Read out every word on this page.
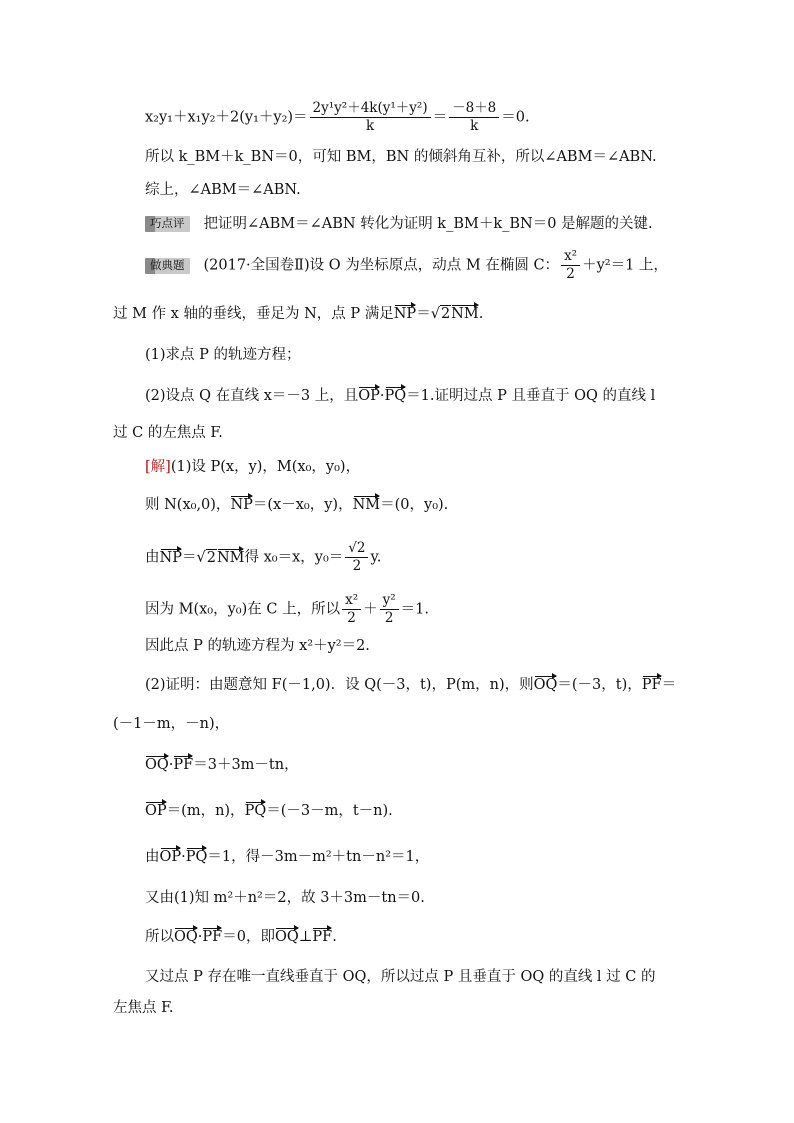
$x_2y_1+x_1y_2+2(y_1+y_2)= \frac{\text{2y¹y²＋4k(y¹＋y²)}}{k} = \frac{-8+8}{k} =0$.
所以 k_BM＋k_BN＝0，可知 BM，BN 的倾斜角互补，所以∠ABM＝∠ABN.
综上，∠ABM＝∠ABN.
巧点评 把证明∠ABM＝∠ABN 转化为证明 k_BM＋k_BN＝0 是解题的关键.
做典题 (2017·全国卷Ⅱ)设 O 为坐标原点，动点 M 在椭圆 C： $\frac{\text{x²}}{2} +y^2=1$ 上，
过 M 作 x 轴的垂线，垂足为 N，点 P 满足NP＝√2NM.
(1)求点 P 的轨迹方程；
(2)设点 Q 在直线 x＝－3 上，且OP·PQ＝1.证明过点 P 且垂直于 OQ 的直线 l
过 C 的左焦点 F.
[解](1)设 P(x，y)，M(x₀，y₀)，
则 N(x₀,0)，NP＝(x－x₀，y)，NM＝(0，y₀).
由NP＝√2NM得 x₀＝x，$y_0= \frac{√2}{2} y$.
因为 M(x₀，y₀)在 C 上，所以 $\frac{\text{x²}}{2} + \frac{\text{y²}}{2} =1$.
因此点 P 的轨迹方程为 x²＋y²＝2.
(2)证明：由题意知 F(－1,0)．设 Q(－3，t)，P(m，n)，则OQ＝(－3，t)，PF＝
(－1－m，－n)，
OQ·PF＝3＋3m－tn，
OP＝(m，n)，PQ＝(－3－m，t－n).
由OP·PQ＝1，得－3m－m²＋tn－n²＝1，
又由(1)知 m²＋n²＝2，故 3＋3m－tn＝0.
所以OQ·PF＝0，即OQ⊥PF.
又过点 P 存在唯一直线垂直于 OQ，所以过点 P 且垂直于 OQ 的直线 l 过 C 的
左焦点 F.
